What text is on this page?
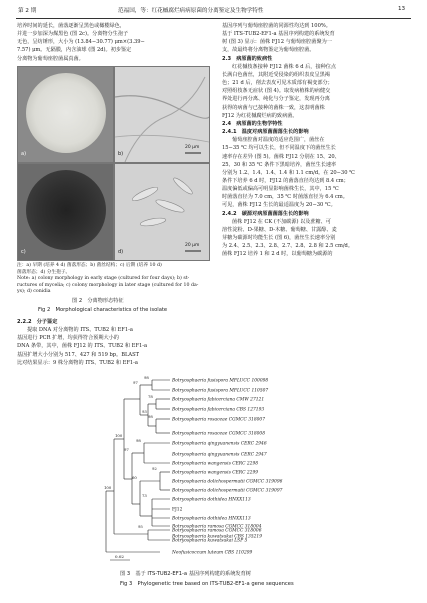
第 2 期	范福国，等：红花槭腐烂病病原菌的分离鉴定及生物学特性	13

培养时间的延长，菌落逐渐呈黑色或橄榄绿色，

并进一步加深为煤黑色 (图 2c)。分离物分生孢子

无色，呈纺锤形，大小为 (13.84−30.77) μm×(3.39−

7.57) μm。无隔膜，内含油球 (图 2d)。初步鉴定

分离物为葡萄座腔菌属真菌。

a)	b)
20 μm
c)	d)
20 μm

注：a) 早期 (培养 4 d) 菌落形态；b) 菌丝结构；c) 后期 (培养 10 d)

菌落形态；d) 分生孢子。

Note: a) colony morphology in early stage (cultured for four days); b) st-

ructures of mycelia; c) colony morphology in later stage (cultured for 10 da-

ys); d) conidia

图 2　分离物形态特征
Fig 2　Morphological characteristics of the isolate

2.2.2　分子鉴定

提取 DNA 对分离物的 ITS、TUB2 和 EF1-a

基因进行 PCR 扩增，均获得符合预期大小的

DNA 条带，其中，菌株 FJ12 的 ITS、TUB2 和 EF1-a

基因扩增大小分别为 517、427 和 519 bp。BLAST

比对结果显示：9 株分离物的 ITS、TUB2 和 EF1-a

基因序列与葡萄座腔菌的同源性均达到 100%。

基于 ITS-TUB2-EF1-a 基因序列构建的系统发育

树 (图 3) 显示：菌株 FJ12 与葡萄座腔菌聚为一

支，故最终将分离物鉴定为葡萄座腔菌。

2.3　病原菌的致病性

红花槭枝条接种 FJ12 菌株 6 d 后，接种位点

长满白色菌丝，其附近受侵染的组织表皮呈黑褐

色；21 d 后，削去表皮可见木质部有褐变部分；

对照组枝条无症状 (图 4)。取发病植株的病健交

界处进行再分离、纯化与分子鉴定，发现再分离

获得的病菌与已接种的菌株一致，这表明菌株

FJ12 为红花槭腐烂病的致病菌。

2.4　病原菌的生物学特性

2.4.1　温度对病原菌菌落生长的影响

葡萄座腔菌对温度的适应范围广，菌丝在

15−35 ℃ 均可以生长，但不同温度下的菌丝生长

速率存在差异 (图 5)。菌株 FJ12 分别在 15、20、

25、30 和 35 ℃ 条件下黑暗培养，菌丝生长速率

分别为 1.2、1.4、1.4、1.4 和 1.1 cm/d。在 20−30 ℃

条件下培养 6 d 时，FJ12 的菌落直径均达到 8.4 cm；

温度偏低或偏高可明显影响菌株生长，其中，15 ℃

时菌落直径为 7.0 cm，35 ℃ 时菌落直径为 6.4 cm。

可见，菌株 FJ12 生长的最适温度为 20−30 ℃。

2.4.2　碳源对病原菌菌落生长的影响

菌株 FJ12 在 CK (不加碳源) 以及蔗糖、可

溶性淀粉、D-果糖、D-木糖、葡萄糖、甘露醇、麦

芽糖为碳源时均能生长 (图 6)，菌丝生长速率分别

为 2.4、2.5、2.3、2.8、2.7、2.8、2.8 和 2.5 cm/d。

菌株 FJ12 培养 1 和 2 d 时，以葡萄糖为碳源的

Botryosphaeria fusispora MFLUCC 100098
Botryosphaeria fusispora MFLUCC 110507
Botryosphaeria fabicerciana CMW 27121
Botryosphaeria fabicerciana CBS 127193
Botryosphaeria rosaceae CGMCC 318007
Botryosphaeria rosaceae CGMCC 318008
Botryosphaeria qingyuanensis CERC 2946
Botryosphaeria qingyuanensis CERC 2947
Botryosphaeria wangensis CERC 2298
Botryosphaeria wangensis CERC 2299
Botryosphaeria dolichospermatii CGMCC 319096
Botryosphaeria dolichospermatii CGMCC 319097
Botryosphaeria dothidea HNXX113
FJ12
Botryosphaeria dothidea HNXX113
Botryosphaeria ramosa CGMCC 318004
Botryosphaeria ramosa CGMCC 318006
Botryosphaeria kuwatsukai CBS 135219
Botryosphaeria kuwatsukai LSP 5
Neofusicoccum luteum CBS 110299
98
97
78
93
98
100
98
97
92
60
100
73
95
0.02
图 3　基于 ITS-TUB2-EF1-a 基因序列构建的系统发育树
Fig 3　Phylogenetic tree based on ITS-TUB2-EF1-a gene sequences
